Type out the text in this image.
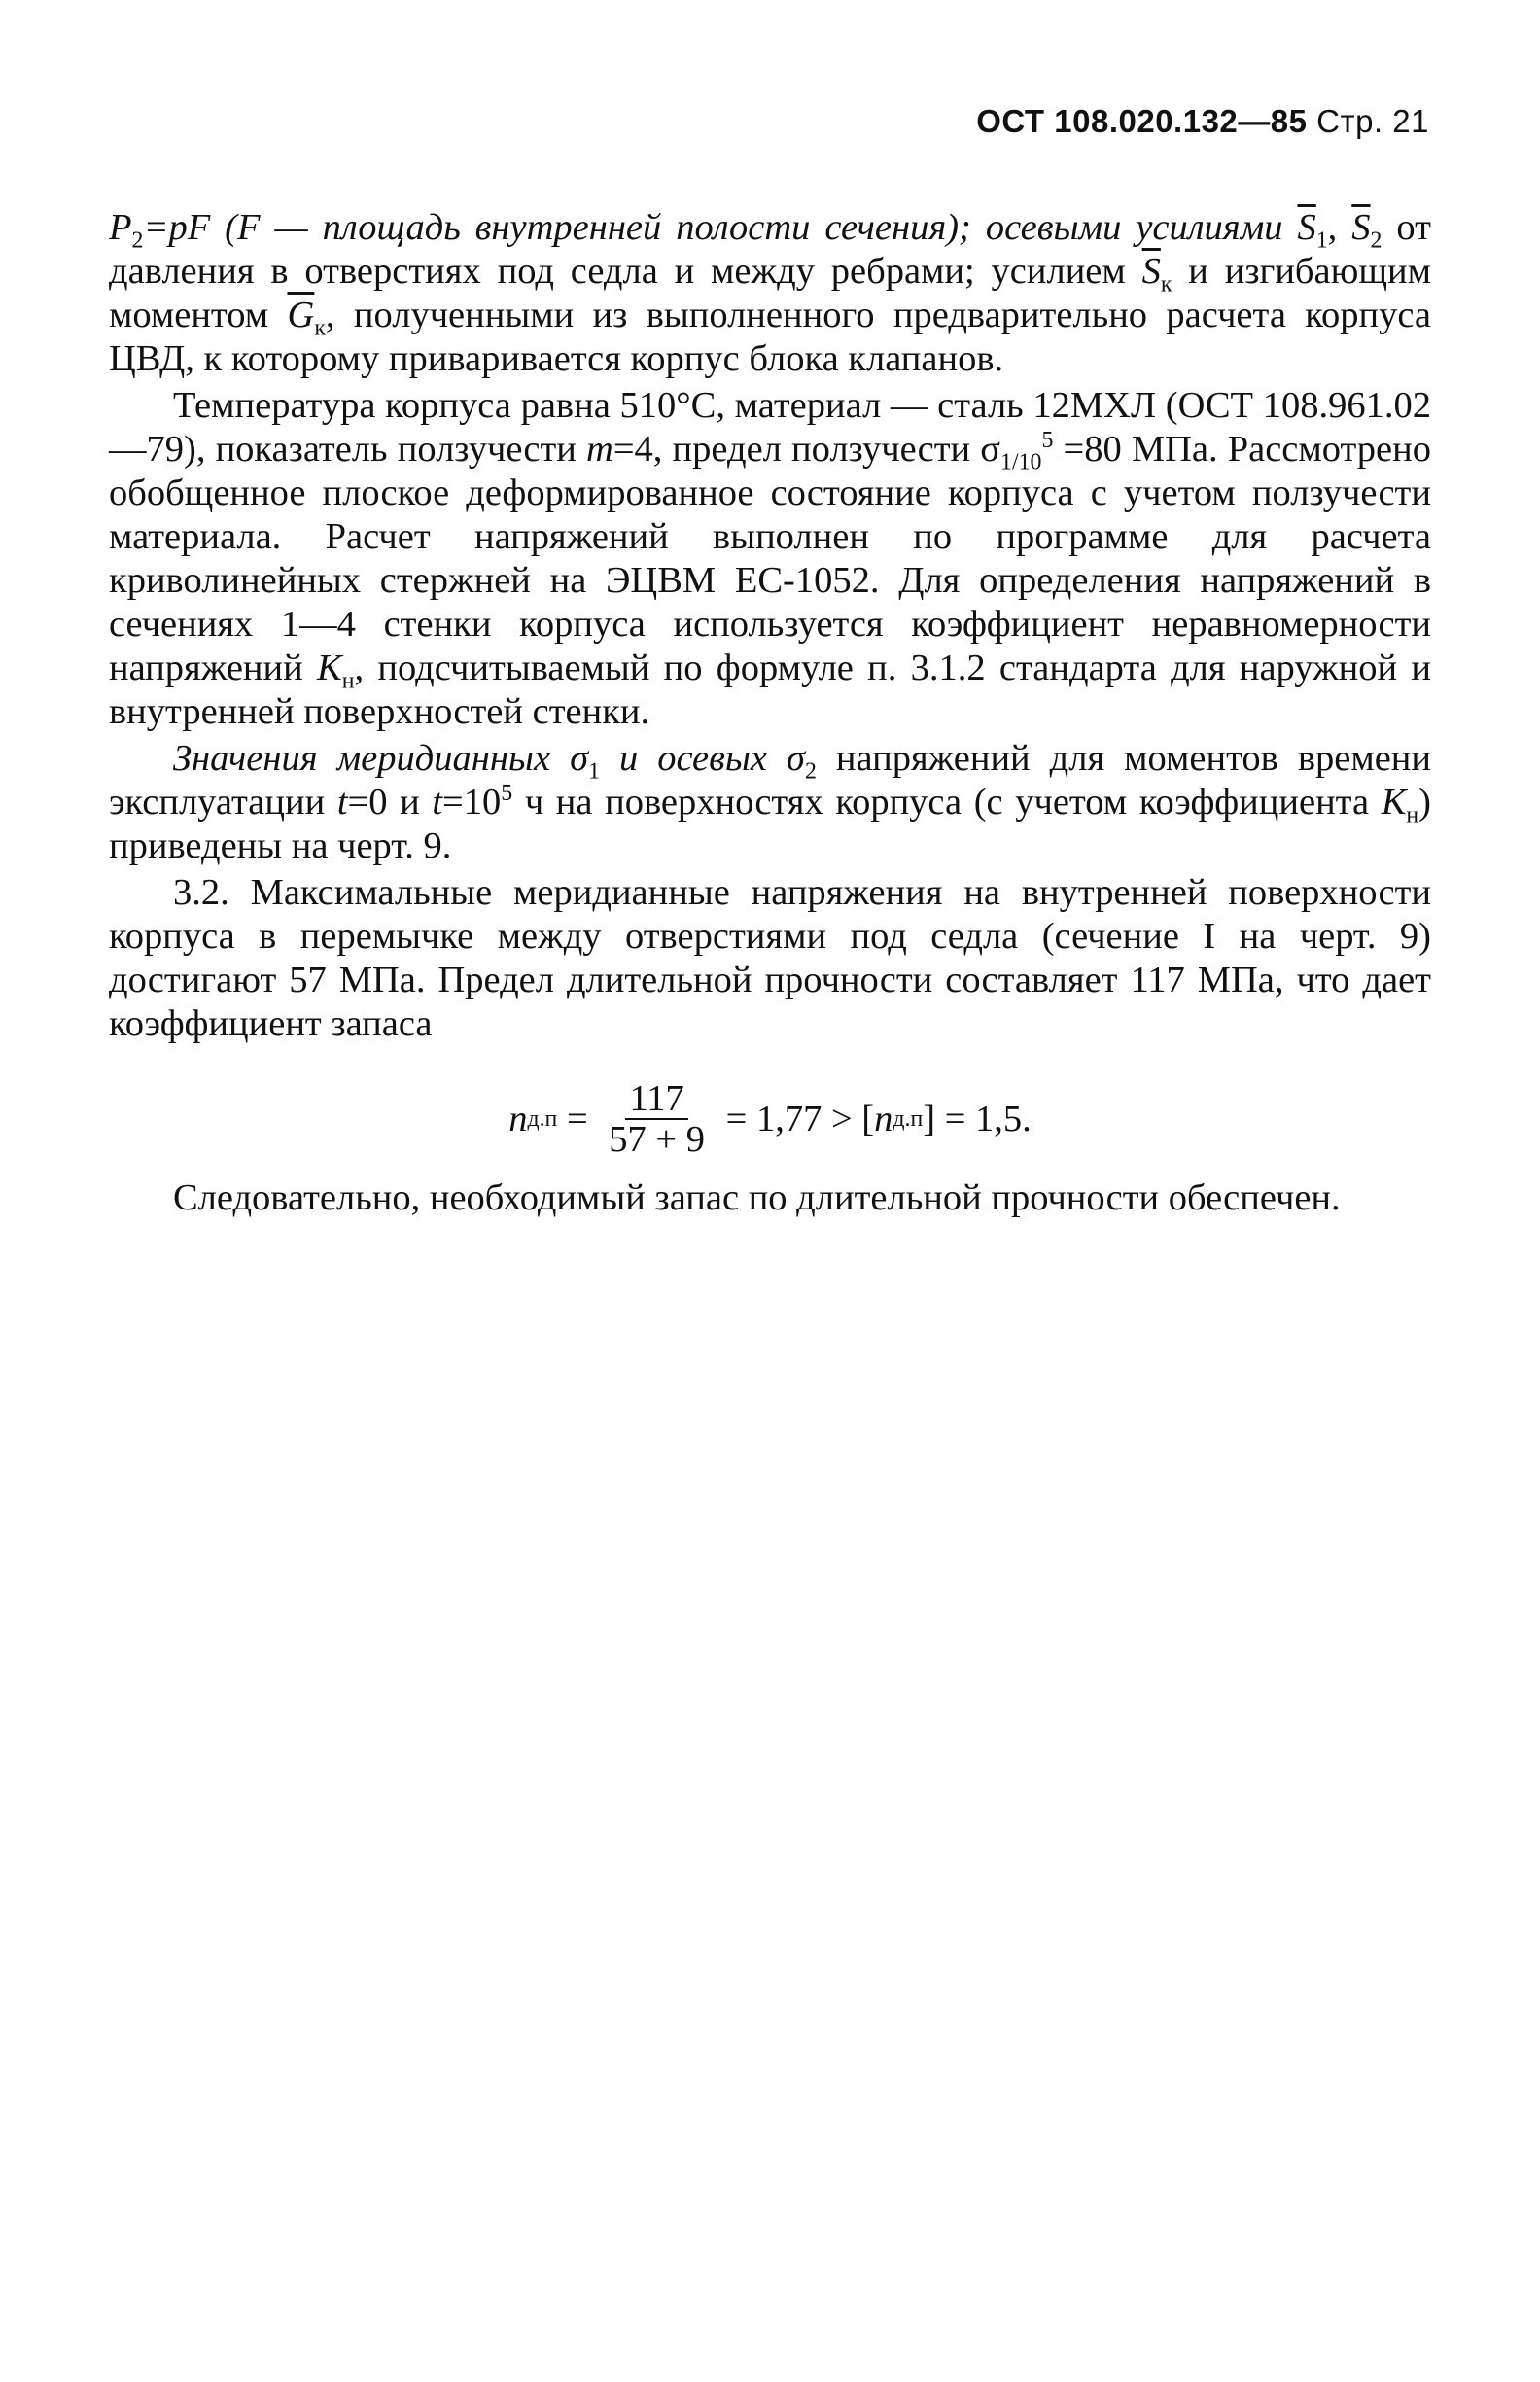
ОСТ 108.020.132—85 Стр. 21

$P_2=pF$ (F — площадь внутренней полости сечения); осевыми усилиями $\overline{S}_1$, $\overline{S}_2$ от давления в отверстиях под седла и между ребрами; усилием $\overline{S}_к$ и изгибающим моментом $\overline{G}_к$, полученными из выполненного предварительно расчета корпуса ЦВД, к которому приваривается корпус блока клапанов.

Температура корпуса равна 510°С, материал — сталь 12МХЛ (ОСТ 108.961.02—79), показатель ползучести m=4, предел ползучести $\sigma_{1/10}^5 =80$ МПа. Рассмотрено обобщенное плоское деформированное состояние корпуса с учетом ползучести материала. Расчет напряжений выполнен по программе для расчета криволинейных стержней на ЭЦВМ ЕС-1052. Для определения напряжений в сечениях 1—4 стенки корпуса используется коэффициент неравномерности напряжений $K_н$, подсчитываемый по формуле п. 3.1.2 стандарта для наружной и внутренней поверхностей стенки.

Значения меридианных $\sigma_1$ и осевых $\sigma_2$ напряжений для моментов времени эксплуатации t=0 и $t=10^5$ ч на поверхностях корпуса (с учетом коэффициента $K_н$) приведены на черт. 9.

3.2. Максимальные меридианные напряжения на внутренней поверхности корпуса в перемычке между отверстиями под седла (сечение I на черт. 9) достигают 57 МПа. Предел длительной прочности составляет 117 МПа, что дает коэффициент запаса

n $д.п = \frac{117}{57 + 9} = 1,77$ > [ n д.п ] = 1,5.

Следовательно, необходимый запас по длительной прочности обеспечен.
